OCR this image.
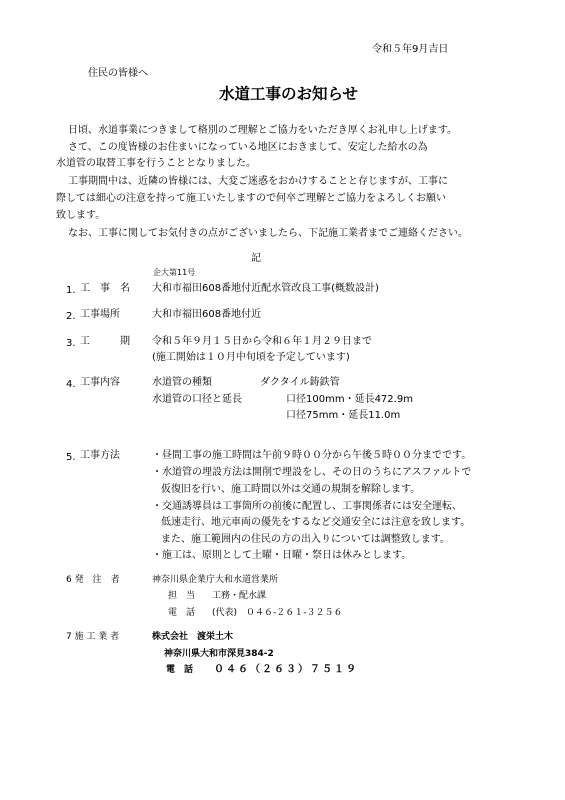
令和５年9月吉日
住民の皆様へ
水道工事のお知らせ
日頃、水道事業につきまして格別のご理解とご協力をいただき厚くお礼申し上げます。
さて、この度皆様のお住まいになっている地区におきまして、安定した給水の為
水道管の取替工事を行うこととなりました。
工事期間中は、近隣の皆様には、大変ご迷惑をおかけすることと存じますが、工事に
際しては細心の注意を持って施工いたしますので何卒ご理解とご協力をよろしくお願い
致します。
なお、工事に関してお気付きの点がございましたら、下記施工業者までご連絡ください。
記
企大第11号
1. 工　事　名 大和市福田608番地付近配水管改良工事(概数設計)
2. 工事場所	大和市福田608番地付近
3. 工　　　期 令和５年９月１５日から令和６年１月２９日まで
(施工開始は１０月中旬頃を予定しています)
4. 工事内容	水道管の種類	ダクタイル鋳鉄管
水道管の口径と延長	口径100mm・延長472.9m
口径75mm・延長11.0m
5. 工事方法	・昼間工事の施工時間は午前９時００分から午後５時００分までです。
・水道管の埋設方法は開削で埋設をし、その日のうちにアスファルトで
仮復旧を行い、施工時間以外は交通の規制を解除します。
・交通誘導員は工事箇所の前後に配置し、工事関係者には安全運転、
低速走行、地元車両の優先をするなど交通安全には注意を致します。
また、施工範囲内の住民の方の出入りについては調整致します。
・施工は、原則として土曜・日曜・祭日は休みとします。
6 発　注　者	神奈川県企業庁大和水道営業所
担　当 工務・配水課
電　話 (代表)　０４６-２６１-３２５６
7 施 工 業 者	株式会社　渡栄土木
神奈川県大和市深見384-2
電　話 ０４６（２６３）７５１９
